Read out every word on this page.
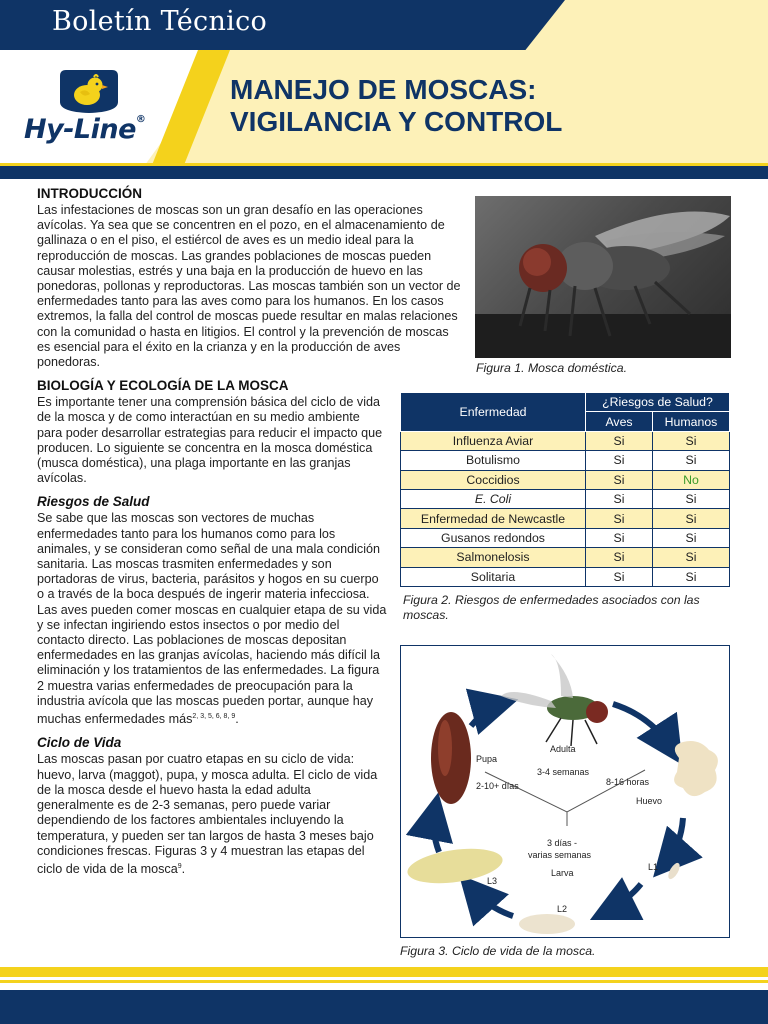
Boletín Técnico
Hy-Line®
MANEJO DE MOSCAS:
VIGILANCIA Y CONTROL
INTRODUCCIÓN

Las infestaciones de moscas son un gran desafío en las operaciones avícolas. Ya sea que se concentren en el pozo, en el almacenamiento de gallinaza o en el piso, el estiércol de aves es un medio ideal para la reproducción de moscas. Las grandes poblaciones de moscas pueden causar molestias, estrés y una baja en la producción de huevo en las ponedoras, pollonas y reproductoras. Las moscas también son un vector de enfermedades tanto para las aves como para los humanos. En los casos extremos, la falla del control de moscas puede resultar en malas relaciones con la comunidad o hasta en litigios. El control y la prevención de moscas es esencial para el éxito en la crianza y en la producción de aves ponedoras.

BIOLOGÍA Y ECOLOGÍA DE LA MOSCA

Es importante tener una comprensión básica del ciclo de vida de la mosca y de como interactúan en su medio ambiente para poder desarrollar estrategias para reducir el impacto que producen. Lo siguiente se concentra en la mosca doméstica (musca doméstica), una plaga importante en las granjas avícolas.

Riesgos de Salud

Se sabe que las moscas son vectores de muchas enfermedades tanto para los humanos como para los animales, y se consideran como señal de una mala condición sanitaria. Las moscas trasmiten enfermedades y son portadoras de virus, bacteria, parásitos y hogos en su cuerpo o a través de la boca después de ingerir materia infecciosa. Las aves pueden comer moscas en cualquier etapa de su vida y se infectan ingiriendo estos insectos o por medio del contacto directo. Las poblaciones de moscas depositan enfermedades en las granjas avícolas, haciendo más difícil la eliminación y los tratamientos de las enfermedades. La figura 2 muestra varias enfermedades de preocupación para la industria avícola que las moscas pueden portar, aunque hay muchas enfermedades más$^{2, 3, 5, 6, 8, 9}$.

Ciclo de Vida

Las moscas pasan por cuatro etapas en su ciclo de vida: huevo, larva (maggot), pupa, y mosca adulta. El ciclo de vida de la mosca desde el huevo hasta la edad adulta generalmente es de 2-3 semanas, pero puede variar dependiendo de los factores ambientales incluyendo la temperatura, y pueden ser tan largos de hasta 3 meses bajo condiciones frescas. Figuras 3 y 4 muestran las etapas del ciclo de vida de la mosca$^9$.

Figura 1. Mosca doméstica.
Enfermedad	¿Riesgos de Salud?	
	Aves	Humanos
Influenza Aviar	Si	Si
Botulismo	Si	Si
Coccidios	Si	No
E. Coli	Si	Si
Enfermedad de Newcastle	Si	Si
Gusanos redondos	Si	Si
Salmonelosis	Si	Si
Solitaria	Si	Si
Figura 2. Riesgos de enfermedades asociados con las moscas.
Adulta
3-4 semanas
Pupa
2-10+ días	8-16 horas
Huevo
3 días -
varias semanas
Larva
L1
L2
L3
Figura 3. Ciclo de vida de la mosca.
